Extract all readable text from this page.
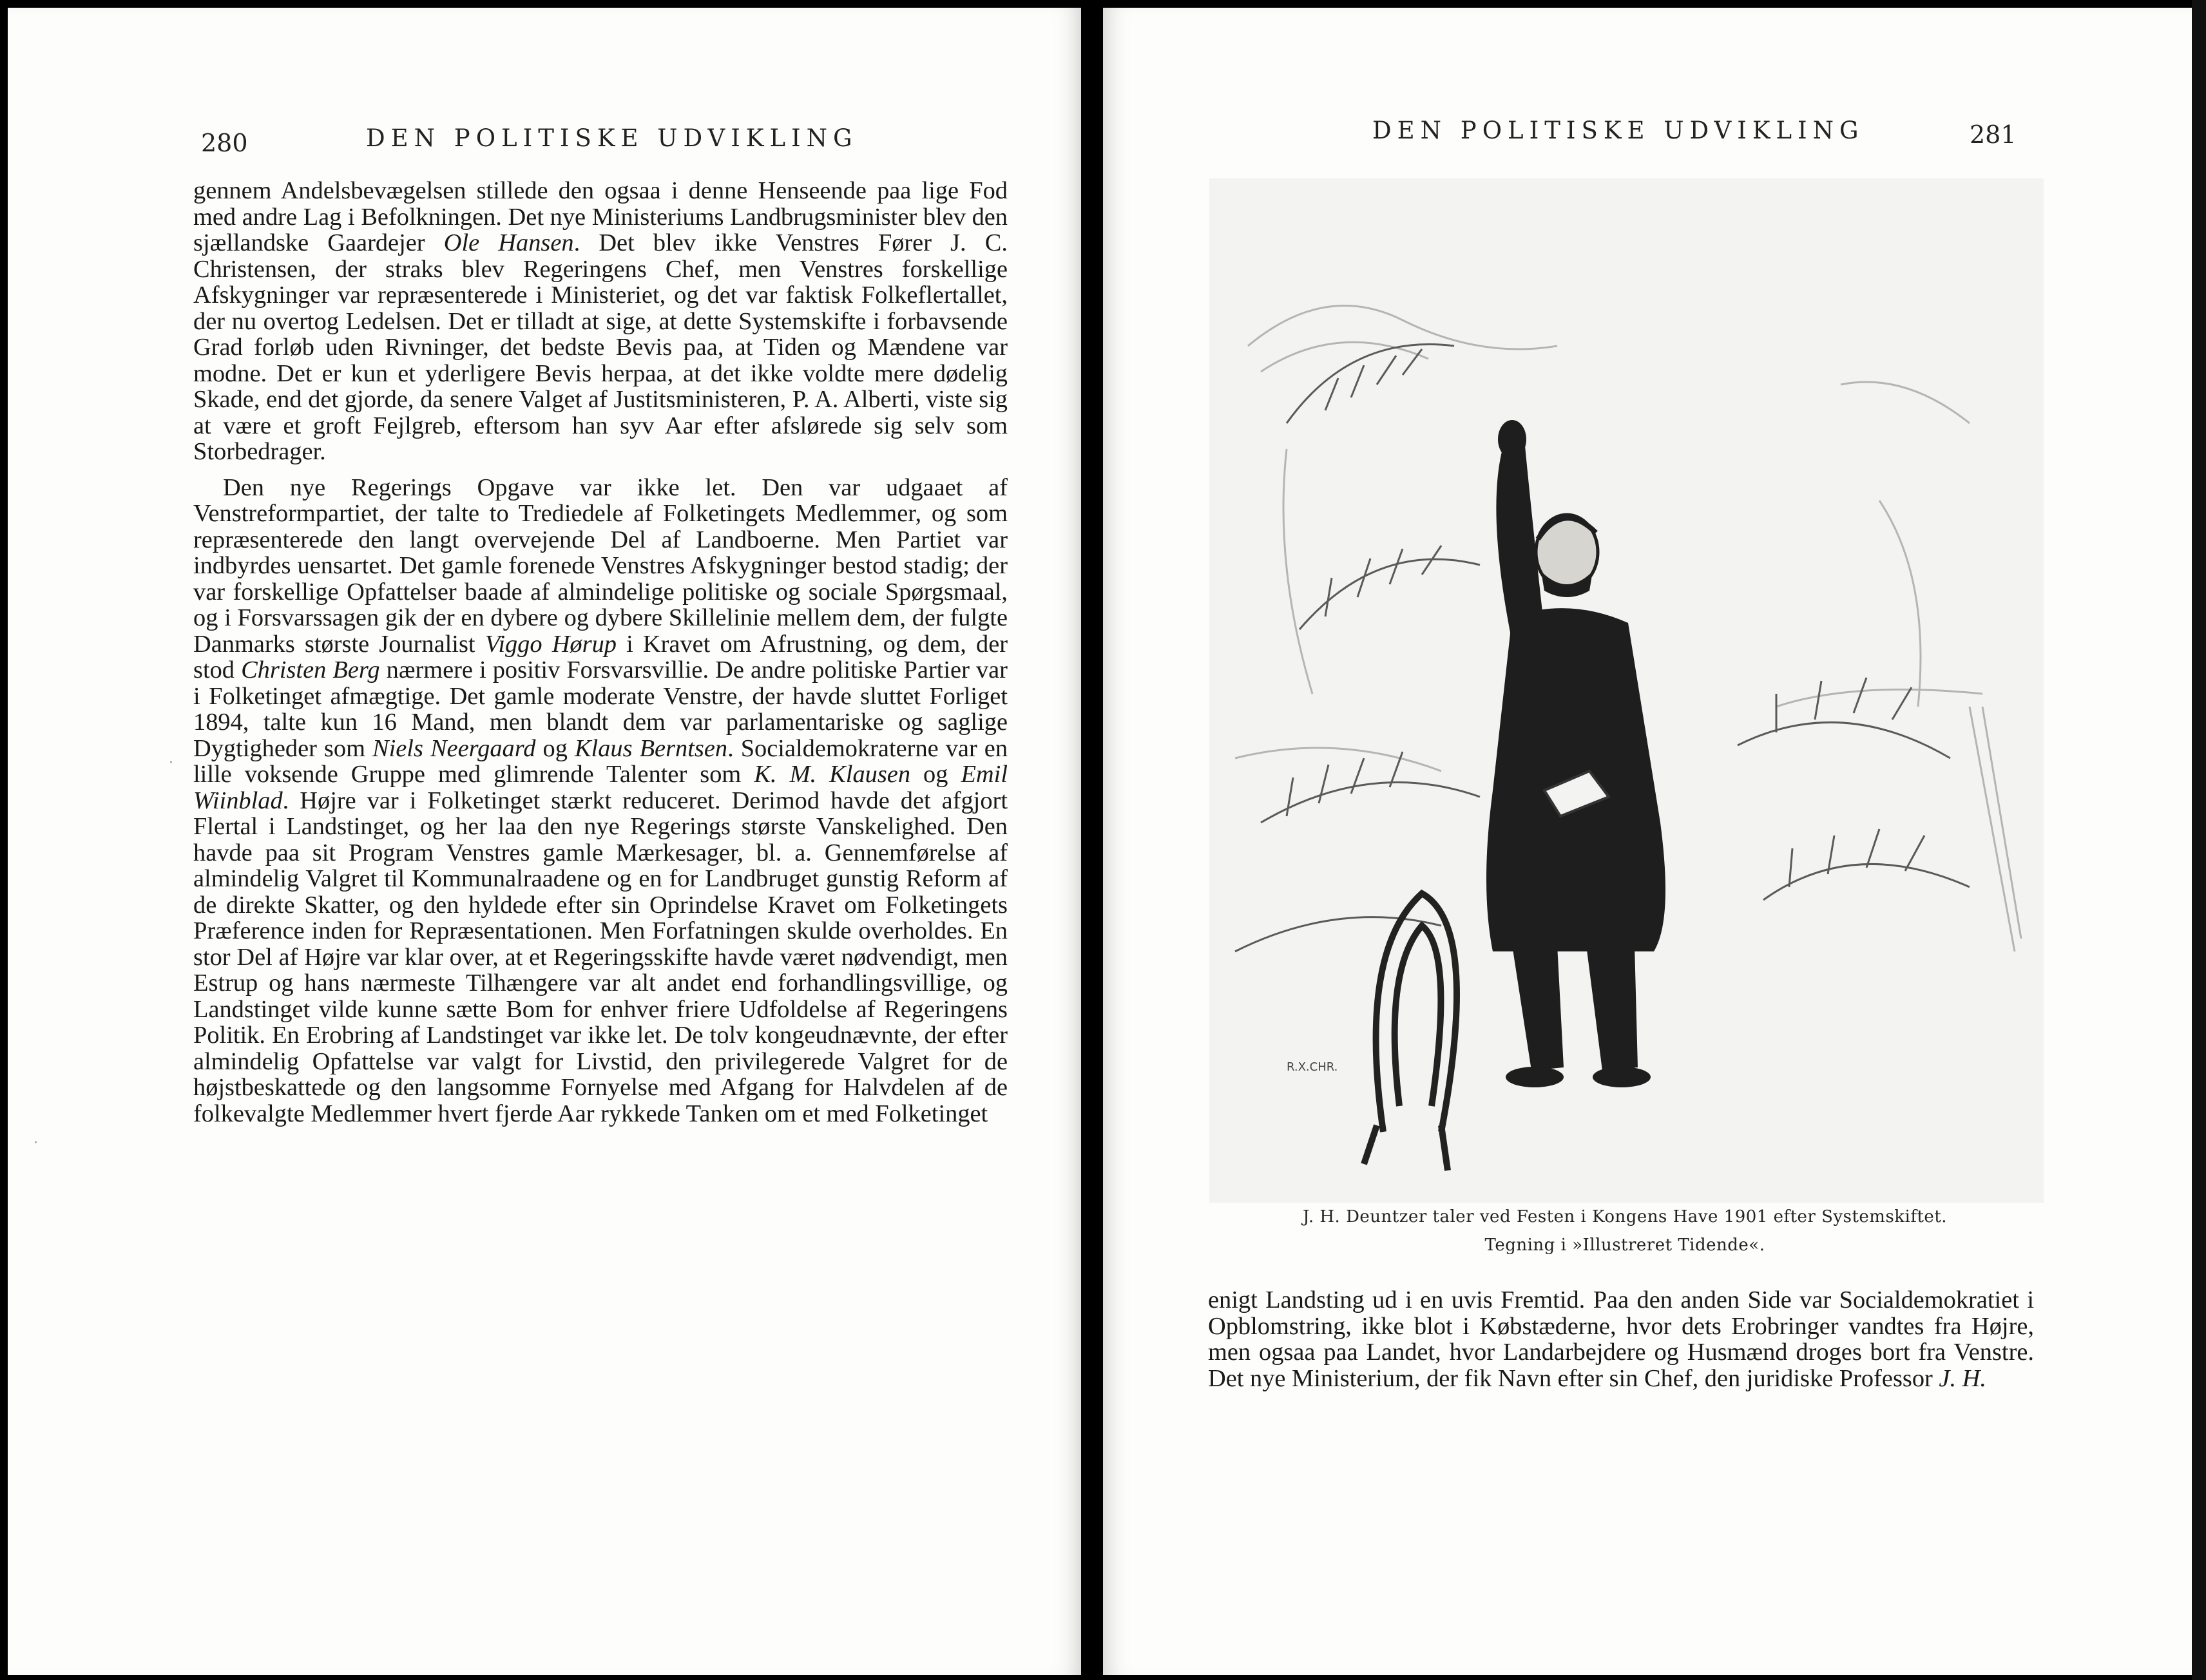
280	DEN POLITISKE UDVIKLING

gennem Andelsbevægelsen stillede den ogsaa i denne Henseende paa lige Fod med andre Lag i Befolkningen. Det nye Ministeriums Landbrugsminister blev den sjællandske Gaardejer Ole Hansen. Det blev ikke Venstres Fører J. C. Christensen, der straks blev Regeringens Chef, men Venstres forskellige Afskygninger var repræsenterede i Ministeriet, og det var faktisk Folkeflertallet, der nu overtog Ledelsen. Det er tilladt at sige, at dette Systemskifte i forbavsende Grad forløb uden Rivninger, det bedste Bevis paa, at Tiden og Mændene var modne. Det er kun et yderligere Bevis herpaa, at det ikke voldte mere dødelig Skade, end det gjorde, da senere Valget af Justitsministeren, P. A. Alberti, viste sig at være et groft Fejlgreb, eftersom han syv Aar efter afslørede sig selv som Storbedrager.

Den nye Regerings Opgave var ikke let. Den var udgaaet af Venstreformpartiet, der talte to Trediedele af Folketingets Medlemmer, og som repræsenterede den langt overvejende Del af Landboerne. Men Partiet var indbyrdes uensartet. Det gamle forenede Venstres Afskygninger bestod stadig; der var forskellige Opfattelser baade af almindelige politiske og sociale Spørgsmaal, og i Forsvarssagen gik der en dybere og dybere Skillelinie mellem dem, der fulgte Danmarks største Journalist Viggo Hørup i Kravet om Afrustning, og dem, der stod Christen Berg nærmere i positiv Forsvarsvillie. De andre politiske Partier var i Folketinget afmægtige. Det gamle moderate Venstre, der havde sluttet Forliget 1894, talte kun 16 Mand, men blandt dem var parlamentariske og saglige Dygtigheder som Niels Neergaard og Klaus Berntsen. Socialdemokraterne var en lille voksende Gruppe med glimrende Talenter som K. M. Klausen og Emil Wiinblad. Højre var i Folketinget stærkt reduceret. Derimod havde det afgjort Flertal i Landstinget, og her laa den nye Regerings største Vanskelighed. Den havde paa sit Program Venstres gamle Mærkesager, bl. a. Gennemførelse af almindelig Valgret til Kommunalraadene og en for Landbruget gunstig Reform af de direkte Skatter, og den hyldede efter sin Oprindelse Kravet om Folketingets Præference inden for Repræsentationen. Men Forfatningen skulde overholdes. En stor Del af Højre var klar over, at et Regeringsskifte havde været nødvendigt, men Estrup og hans nærmeste Tilhængere var alt andet end forhandlingsvillige, og Landstinget vilde kunne sætte Bom for enhver friere Udfoldelse af Regeringens Politik. En Erobring af Landstinget var ikke let. De tolv kongeudnævnte, der efter almindelig Opfattelse var valgt for Livstid, den privilegerede Valgret for de højstbeskattede og den langsomme Fornyelse med Afgang for Halvdelen af de folkevalgte Medlemmer hvert fjerde Aar rykkede Tanken om et med Folketinget

·
·
DEN POLITISKE UDVIKLING	281
R.X.CHR.
J. H. Deuntzer taler ved Festen i Kongens Have 1901 efter Systemskiftet.
Tegning i »Illustreret Tidende«.

enigt Landsting ud i en uvis Fremtid. Paa den anden Side var Socialdemokratiet i Opblomstring, ikke blot i Købstæderne, hvor dets Erobringer vandtes fra Højre, men ogsaa paa Landet, hvor Landarbejdere og Husmænd droges bort fra Venstre. Det nye Ministerium, der fik Navn efter sin Chef, den juridiske Professor J. H.
